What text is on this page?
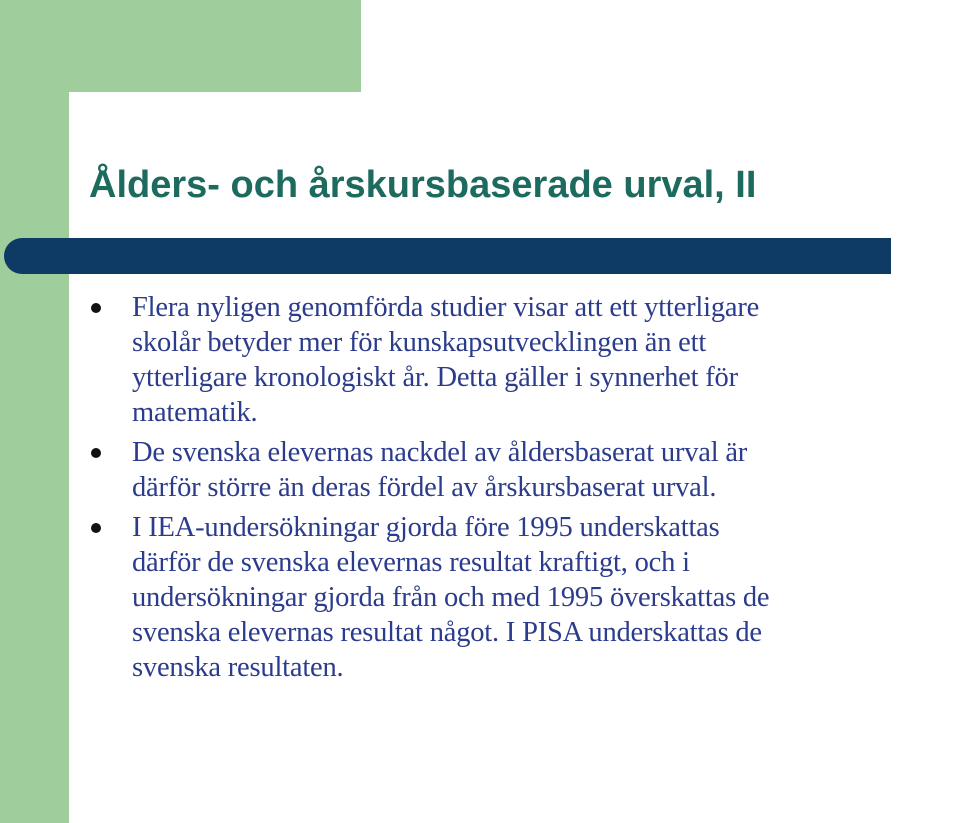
Ålders- och årskursbaserade urval, II
Flera nyligen genomförda studier visar att ett ytterligare
skolår betyder mer för kunskapsutvecklingen än ett
ytterligare kronologiskt år. Detta gäller i synnerhet för
matematik.
De svenska elevernas nackdel av åldersbaserat urval är
därför större än deras fördel av årskursbaserat urval.
I IEA-undersökningar gjorda före 1995 underskattas
därför de svenska elevernas resultat kraftigt, och i
undersökningar gjorda från och med 1995 överskattas de
svenska elevernas resultat något. I PISA underskattas de
svenska resultaten.
